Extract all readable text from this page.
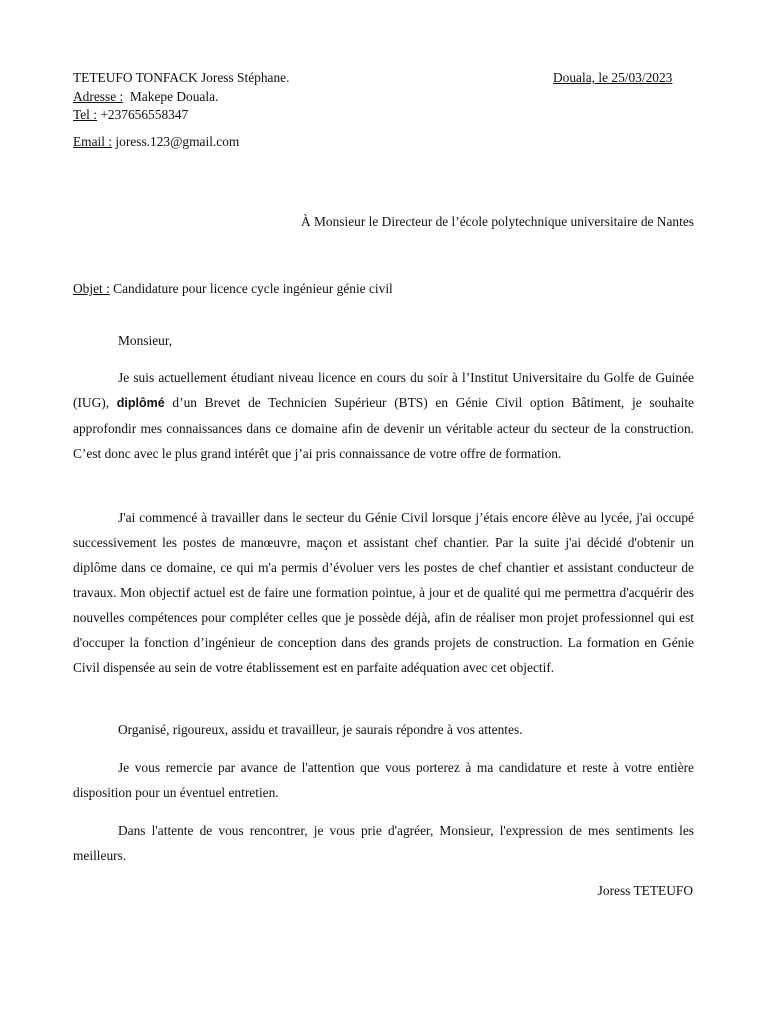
TETEUFO TONFACK Joress Stéphane.	Douala, le 25/03/2023
Adresse :  Makepe Douala.
Tel : +237656558347
Email : joress.123@gmail.com
À Monsieur le Directeur de l’école polytechnique universitaire de Nantes
Objet : Candidature pour licence cycle ingénieur génie civil
Monsieur,

Je suis actuellement étudiant niveau licence en cours du soir à l’Institut Universitaire du Golfe de Guinée (IUG), diplômé d’un Brevet de Technicien Supérieur (BTS) en Génie Civil option Bâtiment, je souhaite approfondir mes connaissances dans ce domaine afin de devenir un véritable acteur du secteur de la construction. C’est donc avec le plus grand intérêt que j’ai pris connaissance de votre offre de formation.

J'ai commencé à travailler dans le secteur du Génie Civil lorsque j’étais encore élève au lycée, j'ai occupé successivement les postes de manœuvre, maçon et assistant chef chantier. Par la suite j'ai décidé d'obtenir un diplôme dans ce domaine, ce qui m'a permis d’évoluer vers les postes de chef chantier et assistant conducteur de travaux. Mon objectif actuel est de faire une formation pointue, à jour et de qualité qui me permettra d'acquérir des nouvelles compétences pour compléter celles que je possède déjà, afin de réaliser mon projet professionnel qui est d'occuper la fonction d’ingénieur de conception dans des grands projets de construction. La formation en Génie Civil dispensée au sein de votre établissement est en parfaite adéquation avec cet objectif.

Organisé, rigoureux, assidu et travailleur, je saurais répondre à vos attentes.

Je vous remercie par avance de l'attention que vous porterez à ma candidature et reste à votre entière disposition pour un éventuel entretien.

Dans l'attente de vous rencontrer, je vous prie d'agréer, Monsieur, l'expression de mes sentiments les meilleurs.

Joress TETEUFO
